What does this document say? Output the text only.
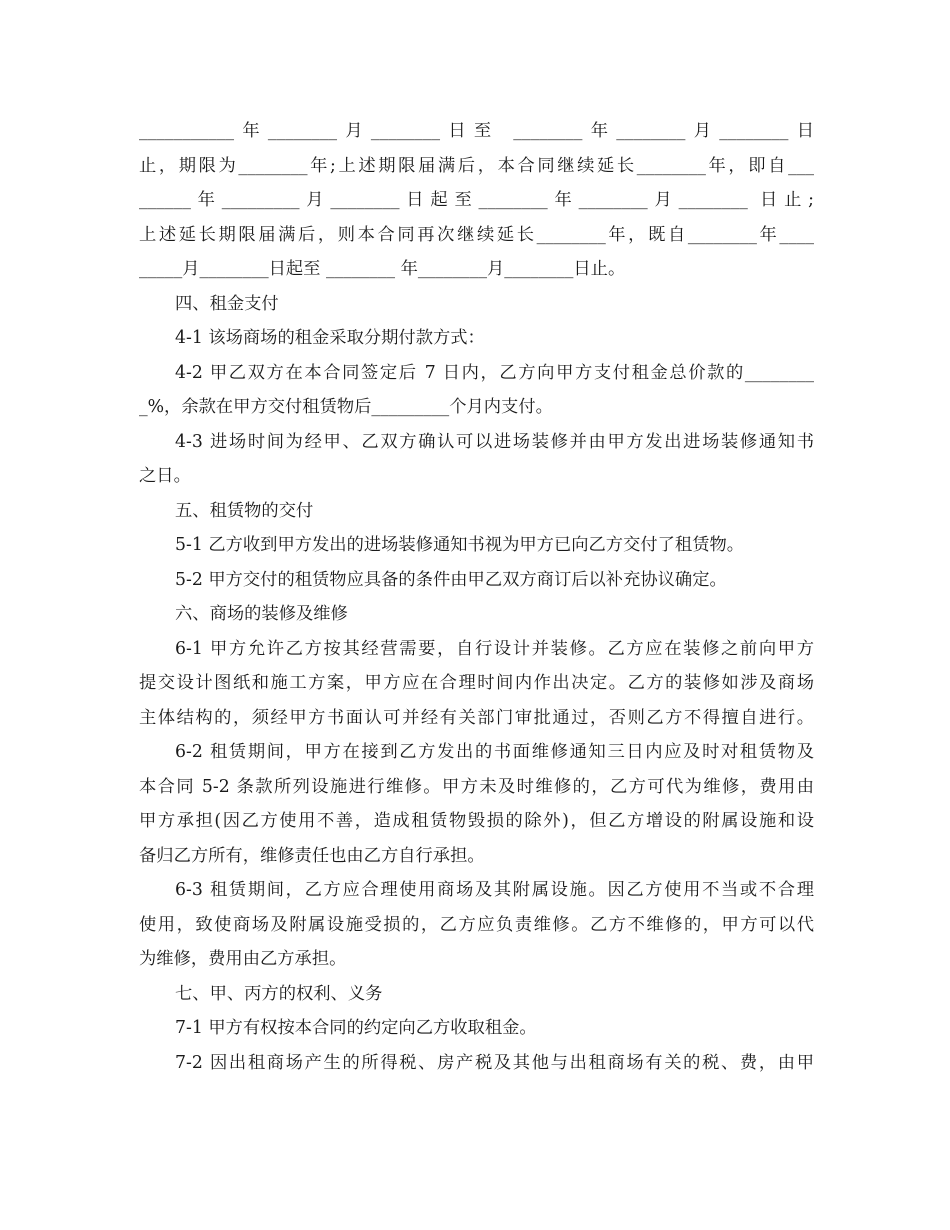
___________年________月________日至 ________年________月________日
止，期限为________年;上述期限届满后，本合同继续延长________年，即自___
______年_________月________日起至________年________月________ 日止;
上述延长期限届满后，则本合同再次继续延长________年，既自________年____
_____月________日起至 ________ 年________月________日止。
四、租金支付
4-1 该场商场的租金采取分期付款方式：
4-2 甲乙双方在本合同签定后 7 日内，乙方向甲方支付租金总价款的________
_%，余款在甲方交付租赁物后_________个月内支付。
4-3 进场时间为经甲、乙双方确认可以进场装修并由甲方发出进场装修通知书
之日。
五、租赁物的交付
5-1 乙方收到甲方发出的进场装修通知书视为甲方已向乙方交付了租赁物。
5-2 甲方交付的租赁物应具备的条件由甲乙双方商订后以补充协议确定。
六、商场的装修及维修
6-1 甲方允许乙方按其经营需要，自行设计并装修。乙方应在装修之前向甲方
提交设计图纸和施工方案，甲方应在合理时间内作出决定。乙方的装修如涉及商场
主体结构的，须经甲方书面认可并经有关部门审批通过，否则乙方不得擅自进行。
6-2 租赁期间，甲方在接到乙方发出的书面维修通知三日内应及时对租赁物及
本合同 5-2 条款所列设施进行维修。甲方未及时维修的，乙方可代为维修，费用由
甲方承担(因乙方使用不善，造成租赁物毁损的除外)，但乙方增设的附属设施和设
备归乙方所有，维修责任也由乙方自行承担。
6-3 租赁期间，乙方应合理使用商场及其附属设施。因乙方使用不当或不合理
使用，致使商场及附属设施受损的，乙方应负责维修。乙方不维修的，甲方可以代
为维修，费用由乙方承担。
七、甲、丙方的权利、义务
7-1 甲方有权按本合同的约定向乙方收取租金。
7-2 因出租商场产生的所得税、房产税及其他与出租商场有关的税、费，由甲
